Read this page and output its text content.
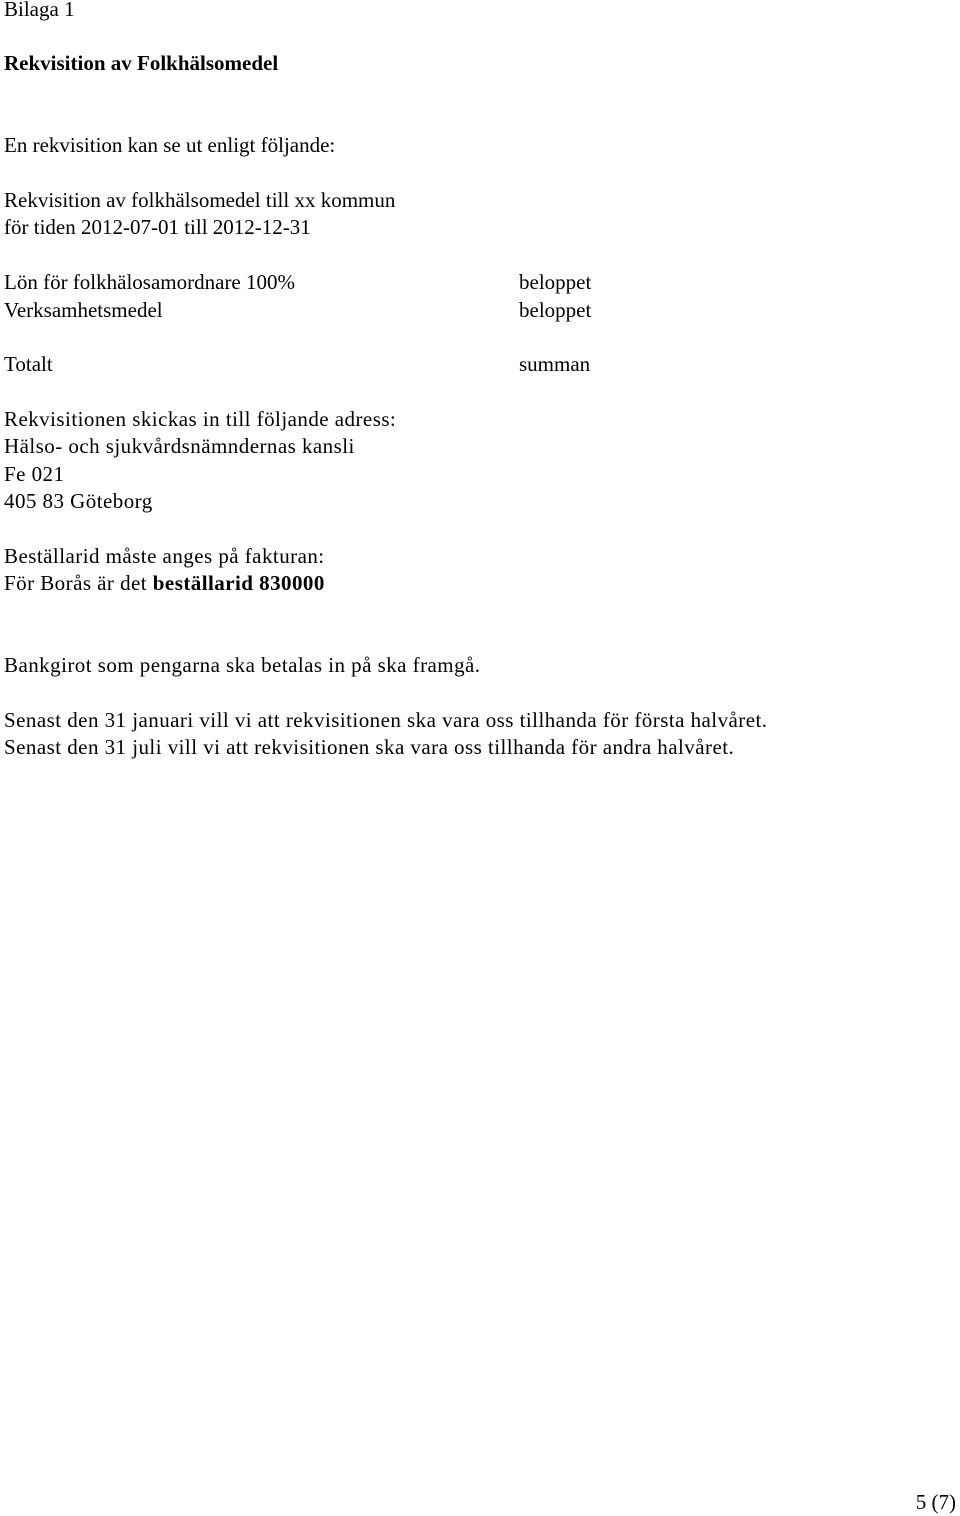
Bilaga 1
Rekvisition av Folkhälsomedel
En rekvisition kan se ut enligt följande:
Rekvisition av folkhälsomedel till xx kommun
för tiden 2012-07-01 till 2012-12-31
Lön för folkhälosamordnare 100%	beloppet
Verksamhetsmedel	beloppet
Totalt	summan
Rekvisitionen skickas in till följande adress:
Hälso- och sjukvårdsnämndernas kansli
Fe 021
405 83 Göteborg
Beställarid måste anges på fakturan:
För Borås är det beställarid 830000
Bankgirot som pengarna ska betalas in på ska framgå.
Senast den 31 januari vill vi att rekvisitionen ska vara oss tillhanda för första halvåret.
Senast den 31 juli vill vi att rekvisitionen ska vara oss tillhanda för andra halvåret.
5 (7)
